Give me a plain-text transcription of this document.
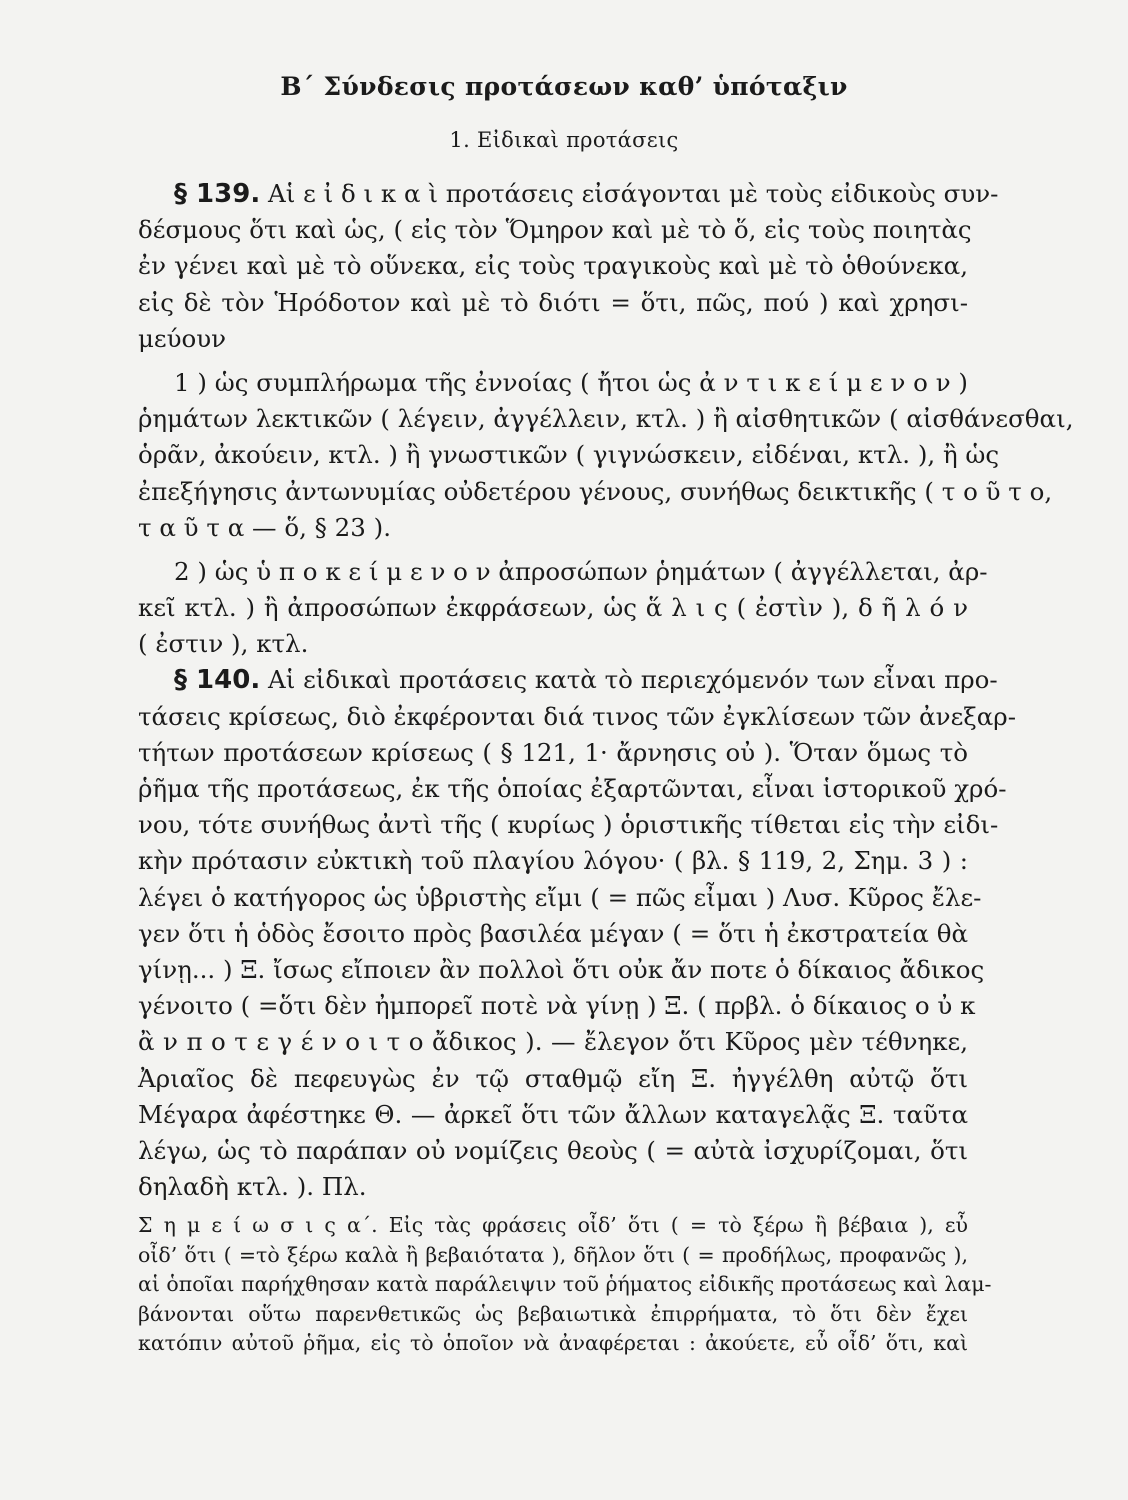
Β΄ Σύνδεσις προτάσεων καθ’ ὑπόταξιν
1. Εἰδικαὶ προτάσεις
§ 139. Αἱ ε ἰ δ ι κ α ὶ προτάσεις εἰσάγονται μὲ τοὺς εἰδικοὺς συν-
δέσμους ὅτι καὶ ὡς, ( εἰς τὸν Ὅμηρον καὶ μὲ τὸ ὅ, εἰς τοὺς ποιητὰς
ἐν γένει καὶ μὲ τὸ οὕνεκα, εἰς τοὺς τραγικοὺς καὶ μὲ τὸ ὁθούνεκα,
εἰς δὲ τὸν Ἡρόδοτον καὶ μὲ τὸ διότι = ὅτι, πῶς, πού ) καὶ χρησι-
μεύουν
1 ) ὡς συμπλήρωμα τῆς ἐννοίας ( ἤτοι ὡς ἀ ν τ ι κ ε ί μ ε ν ο ν )
ῥημάτων λεκτικῶν ( λέγειν, ἀγγέλλειν, κτλ. ) ἢ αἰσθητικῶν ( αἰσθάνεσθαι,
ὁρᾶν, ἀκούειν, κτλ. ) ἢ γνωστικῶν ( γιγνώσκειν, εἰδέναι, κτλ. ), ἢ ὡς
ἐπεξήγησις ἀντωνυμίας οὐδετέρου γένους, συνήθως δεικτικῆς ( τ ο ῦ τ ο,
τ α ῦ τ α — ὅ, § 23 ).
2 ) ὡς ὑ π ο κ ε ί μ ε ν ο ν ἀπροσώπων ῥημάτων ( ἀγγέλλεται, ἀρ-
κεῖ κτλ. ) ἢ ἀπροσώπων ἐκφράσεων, ὡς ἅ λ ι ς ( ἐστὶν ), δ ῆ λ ό ν
( ἐστιν ), κτλ.
§ 140. Αἱ εἰδικαὶ προτάσεις κατὰ τὸ περιεχόμενόν των εἶναι προ-
τάσεις κρίσεως, διὸ ἐκφέρονται διά τινος τῶν ἐγκλίσεων τῶν ἀνεξαρ-
τήτων προτάσεων κρίσεως ( § 121, 1· ἄρνησις οὐ ). Ὅταν ὅμως τὸ
ῥῆμα τῆς προτάσεως, ἐκ τῆς ὁποίας ἐξαρτῶνται, εἶναι ἱστορικοῦ χρό-
νου, τότε συνήθως ἀντὶ τῆς ( κυρίως ) ὁριστικῆς τίθεται εἰς τὴν εἰδι-
κὴν πρότασιν εὐκτικὴ τοῦ πλαγίου λόγου· ( βλ. § 119, 2, Σημ. 3 ) :
λέγει ὁ κατήγορος ὡς ὑβριστὴς εἴμι ( = πῶς εἶμαι ) Λυσ. Κῦρος ἔλε-
γεν ὅτι ἡ ὁδὸς ἔσοιτο πρὸς βασιλέα μέγαν ( = ὅτι ἡ ἐκστρατεία θὰ
γίνῃ... ) Ξ. ἴσως εἴποιεν ἂν πολλοὶ ὅτι οὐκ ἄν ποτε ὁ δίκαιος ἄδικος
γένοιτο ( =ὅτι δὲν ἠμπορεῖ ποτὲ νὰ γίνῃ ) Ξ. ( πρβλ. ὁ δίκαιος ο ὐ κ
ἂ ν π ο τ ε γ έ ν ο ι τ ο ἄδικος ). — ἔλεγον ὅτι Κῦρος μὲν τέθνηκε,
Ἀριαῖος δὲ πεφευγὼς ἐν τῷ σταθμῷ εἴη Ξ. ἠγγέλθη αὐτῷ ὅτι
Μέγαρα ἀφέστηκε Θ. — ἀρκεῖ ὅτι τῶν ἄλλων καταγελᾷς Ξ. ταῦτα
λέγω, ὡς τὸ παράπαν οὐ νομίζεις θεοὺς ( = αὐτὰ ἰσχυρίζομαι, ὅτι
δηλαδὴ κτλ. ). Πλ.
Σ η μ ε ί ω σ ι ς α΄. Εἰς τὰς φράσεις οἶδ’ ὅτι ( = τὸ ξέρω ἢ βέβαια ), εὖ
οἶδ’ ὅτι ( =τὸ ξέρω καλὰ ἢ βεβαιότατα ), δῆλον ὅτι ( = προδήλως, προφανῶς ),
αἱ ὁποῖαι παρήχθησαν κατὰ παράλειψιν τοῦ ῥήματος εἰδικῆς προτάσεως καὶ λαμ-
βάνονται οὕτω παρενθετικῶς ὡς βεβαιωτικὰ ἐπιρρήματα, τὸ ὅτι δὲν ἔχει
κατόπιν αὐτοῦ ῥῆμα, εἰς τὸ ὁποῖον νὰ ἀναφέρεται : ἀκούετε, εὖ οἶδ’ ὅτι, καὶ
